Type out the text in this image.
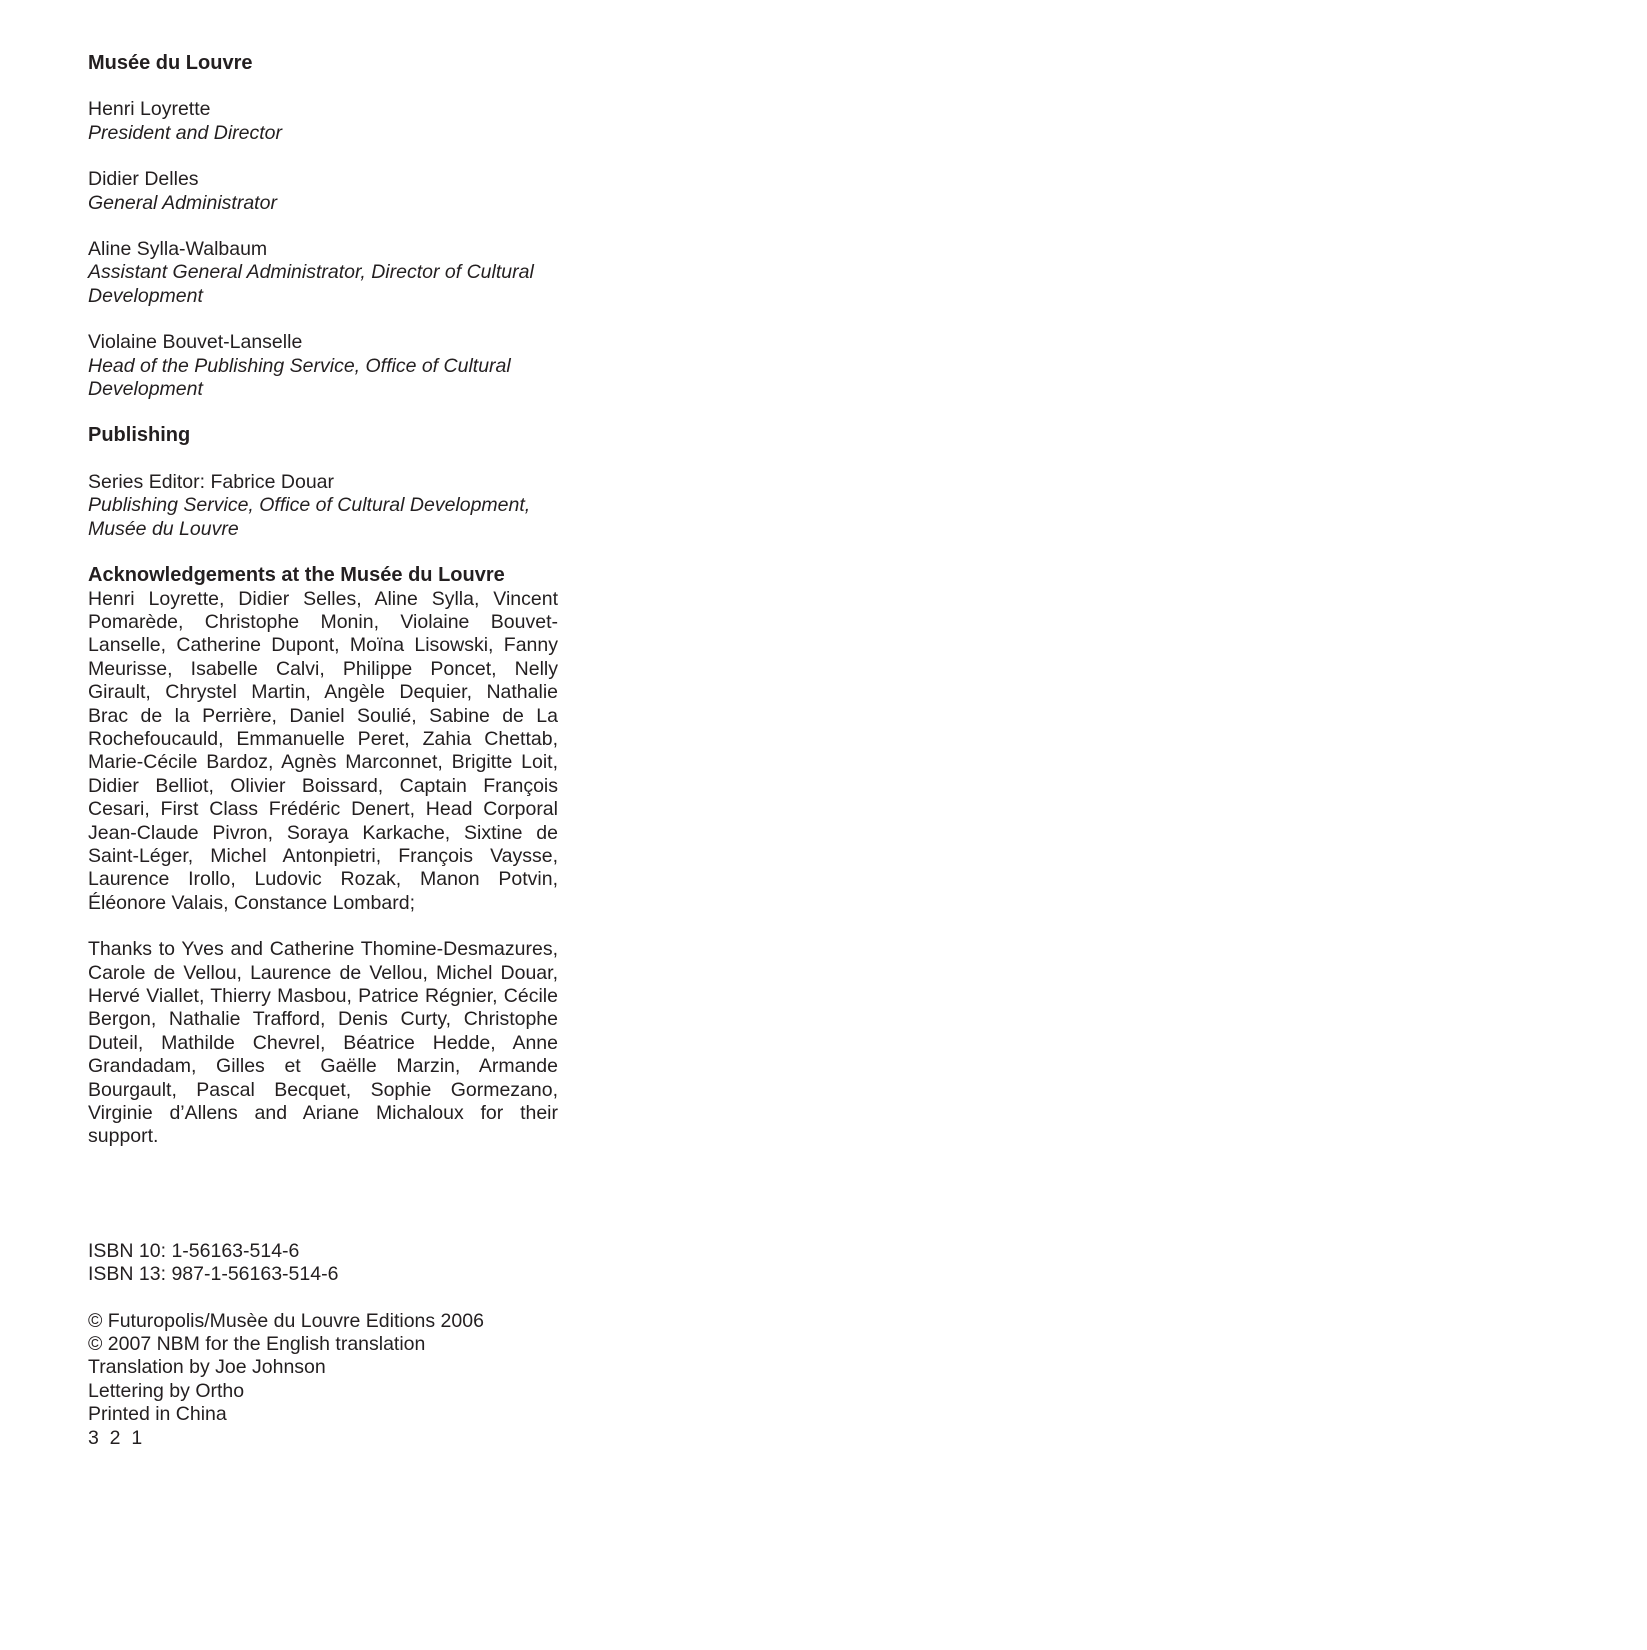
Musée du Louvre
Henri Loyrette
President and Director
Didier Delles
General Administrator
Aline Sylla-Walbaum
Assistant General Administrator, Director of Cultural Development
Violaine Bouvet-Lanselle
Head of the Publishing Service, Office of Cultural Development
Publishing
Series Editor: Fabrice Douar
Publishing Service, Office of Cultural Development, Musée du Louvre
Acknowledgements at the Musée du Louvre
Henri Loyrette, Didier Selles, Aline Sylla, Vincent Pomarède, Christophe Monin, Violaine Bouvet-Lanselle, Catherine Dupont, Moïna Lisowski, Fanny Meurisse, Isabelle Calvi, Philippe Poncet, Nelly Girault, Chrystel Martin, Angèle Dequier, Nathalie Brac de la Perrière, Daniel Soulié, Sabine de La Rochefoucauld, Emmanuelle Peret, Zahia Chettab, Marie-Cécile Bardoz, Agnès Marconnet, Brigitte Loit, Didier Belliot, Olivier Boissard, Captain François Cesari, First Class Frédéric Denert, Head Corporal Jean-Claude Pivron, Soraya Karkache, Sixtine de Saint-Léger, Michel Antonpietri, François Vaysse, Laurence Irollo, Ludovic Rozak, Manon Potvin, Éléonore Valais, Constance Lombard;
Thanks to Yves and Catherine Thomine-Desmazures, Carole de Vellou, Laurence de Vellou, Michel Douar, Hervé Viallet, Thierry Masbou, Patrice Régnier, Cécile Bergon, Nathalie Trafford, Denis Curty, Christophe Duteil, Mathilde Chevrel, Béatrice Hedde, Anne Grandadam, Gilles et Gaëlle Marzin, Armande Bourgault, Pascal Becquet, Sophie Gormezano, Virginie d’Allens and Ariane Michaloux for their support.
ISBN 10: 1-56163-514-6
ISBN 13: 987-1-56163-514-6
© Futuropolis/Musèe du Louvre Editions 2006
© 2007 NBM for the English translation
Translation by Joe Johnson
Lettering by Ortho
Printed in China
3  2  1
